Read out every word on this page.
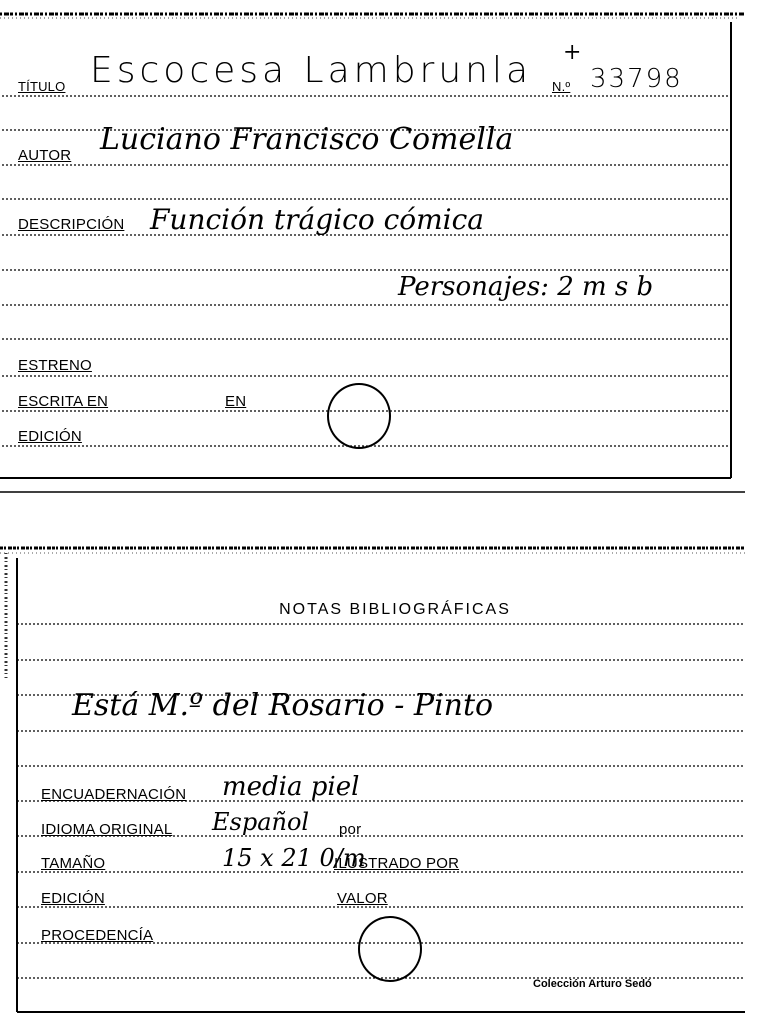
TÍTULO Escocesa Lambrunla +
N.º 33798
AUTOR Luciano Francisco Comella
DESCRIPCIÓN Función trágico cómica
Personajes: 2 m s b
ESTRENO
ESCRITA EN	EN
EDICIÓN
NOTAS BIBLIOGRÁFICAS
Está M.º del Rosario - Pinto
ENCUADERNACIÓN media piel
IDIOMA ORIGINAL Español por
TAMAÑO	15 x 21 0/m
ILUSTRADO POR
EDICIÓN	VALOR
PROCEDENCÍA
Colección Arturo Sedó
